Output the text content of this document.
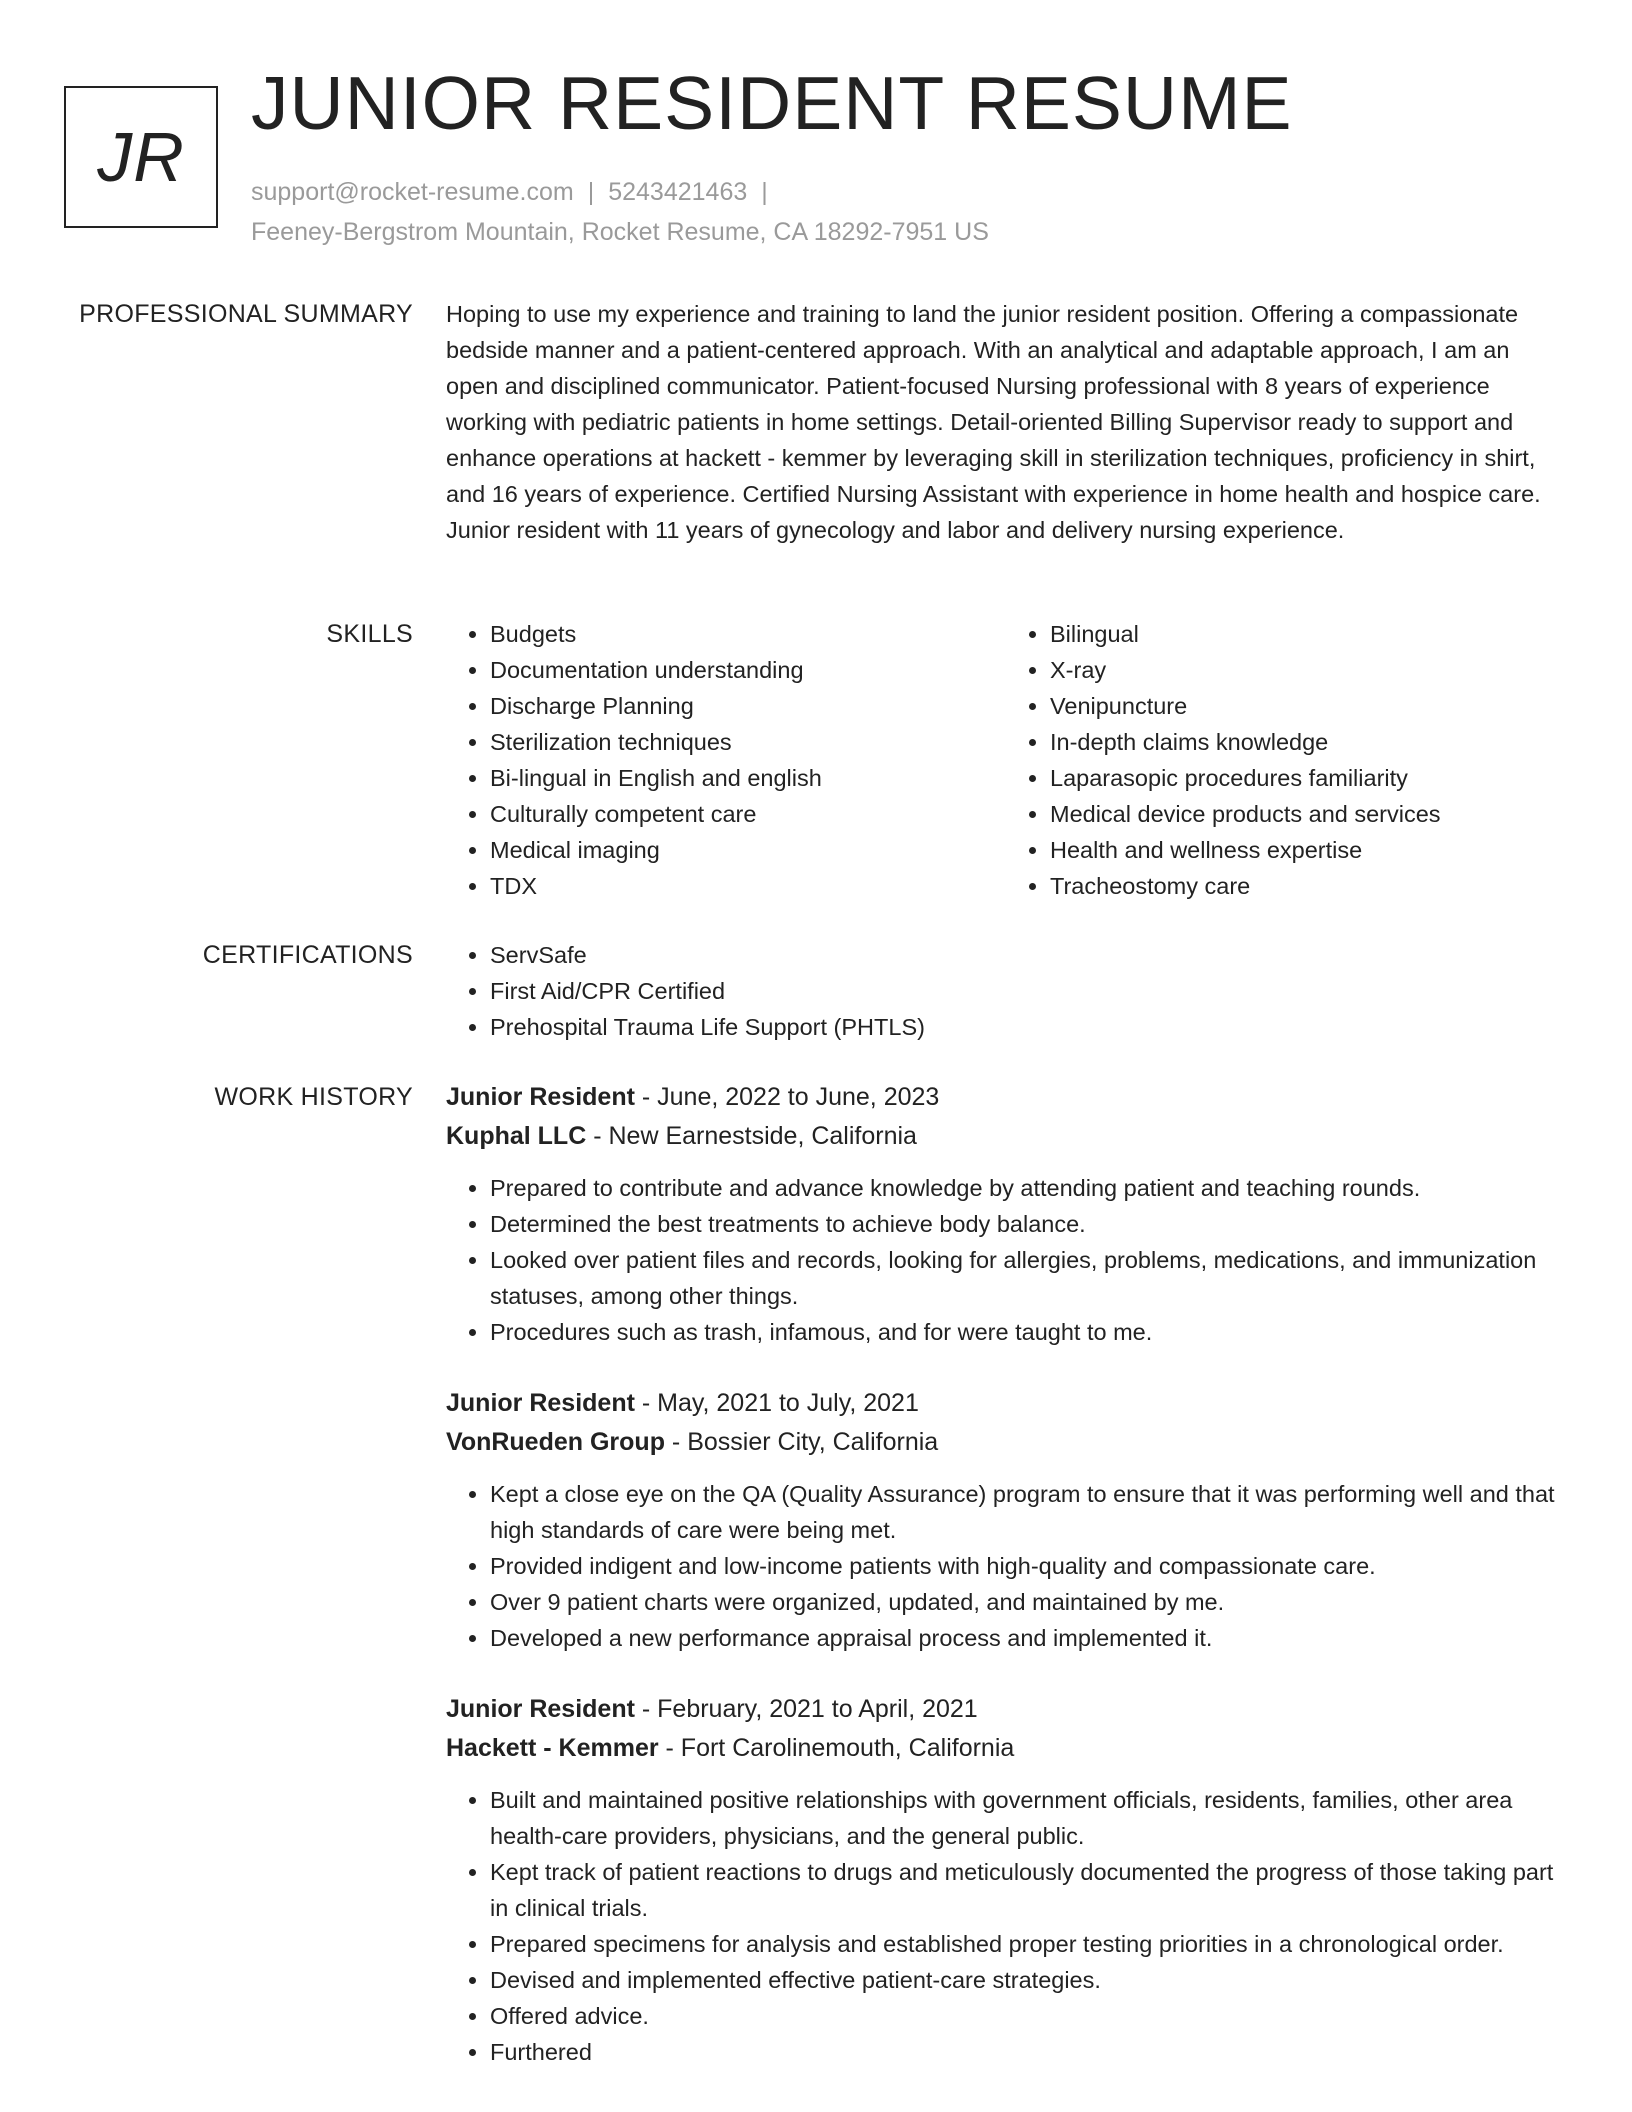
JR
JUNIOR RESIDENT RESUME
support@rocket-resume.com | 5243421463 |
Feeney-Bergstrom Mountain, Rocket Resume, CA 18292-7951 US
PROFESSIONAL SUMMARY Hoping to use my experience and training to land the junior resident position. Offering a compassionate bedside manner and a patient-centered approach. With an analytical and adaptable approach, I am an open and disciplined communicator. Patient-focused Nursing professional with 8 years of experience working with pediatric patients in home settings. Detail-oriented Billing Supervisor ready to support and enhance operations at hackett - kemmer by leveraging skill in sterilization techniques, proficiency in shirt, and 16 years of experience. Certified Nursing Assistant with experience in home health and hospice care. Junior resident with 11 years of gynecology and labor and delivery nursing experience.
SKILLS	• Budgets
• Documentation understanding
• Discharge Planning
• Sterilization techniques
• Bi-lingual in English and english
• Culturally competent care
• Medical imaging
• TDX
• Bilingual
• X-ray
• Venipuncture
• In-depth claims knowledge
• Laparasopic procedures familiarity
• Medical device products and services
• Health and wellness expertise
• Tracheostomy care
CERTIFICATIONS	• ServSafe
• First Aid/CPR Certified
• Prehospital Trauma Life Support (PHTLS)
WORK HISTORY Junior Resident - June, 2022 to June, 2023
Kuphal LLC - New Earnestside, California
• Prepared to contribute and advance knowledge by attending patient and teaching rounds.
• Determined the best treatments to achieve body balance.
• Looked over patient files and records, looking for allergies, problems, medications, and immunization statuses, among other things.
• Procedures such as trash, infamous, and for were taught to me.
Junior Resident - May, 2021 to July, 2021
VonRueden Group - Bossier City, California
• Kept a close eye on the QA (Quality Assurance) program to ensure that it was performing well and that high standards of care were being met.
• Provided indigent and low-income patients with high-quality and compassionate care.
• Over 9 patient charts were organized, updated, and maintained by me.
• Developed a new performance appraisal process and implemented it.
Junior Resident - February, 2021 to April, 2021
Hackett - Kemmer - Fort Carolinemouth, California
• Built and maintained positive relationships with government officials, residents, families, other area health-care providers, physicians, and the general public.
• Kept track of patient reactions to drugs and meticulously documented the progress of those taking part in clinical trials.
• Prepared specimens for analysis and established proper testing priorities in a chronological order.
• Devised and implemented effective patient-care strategies.
• Offered advice.
• Furthered
